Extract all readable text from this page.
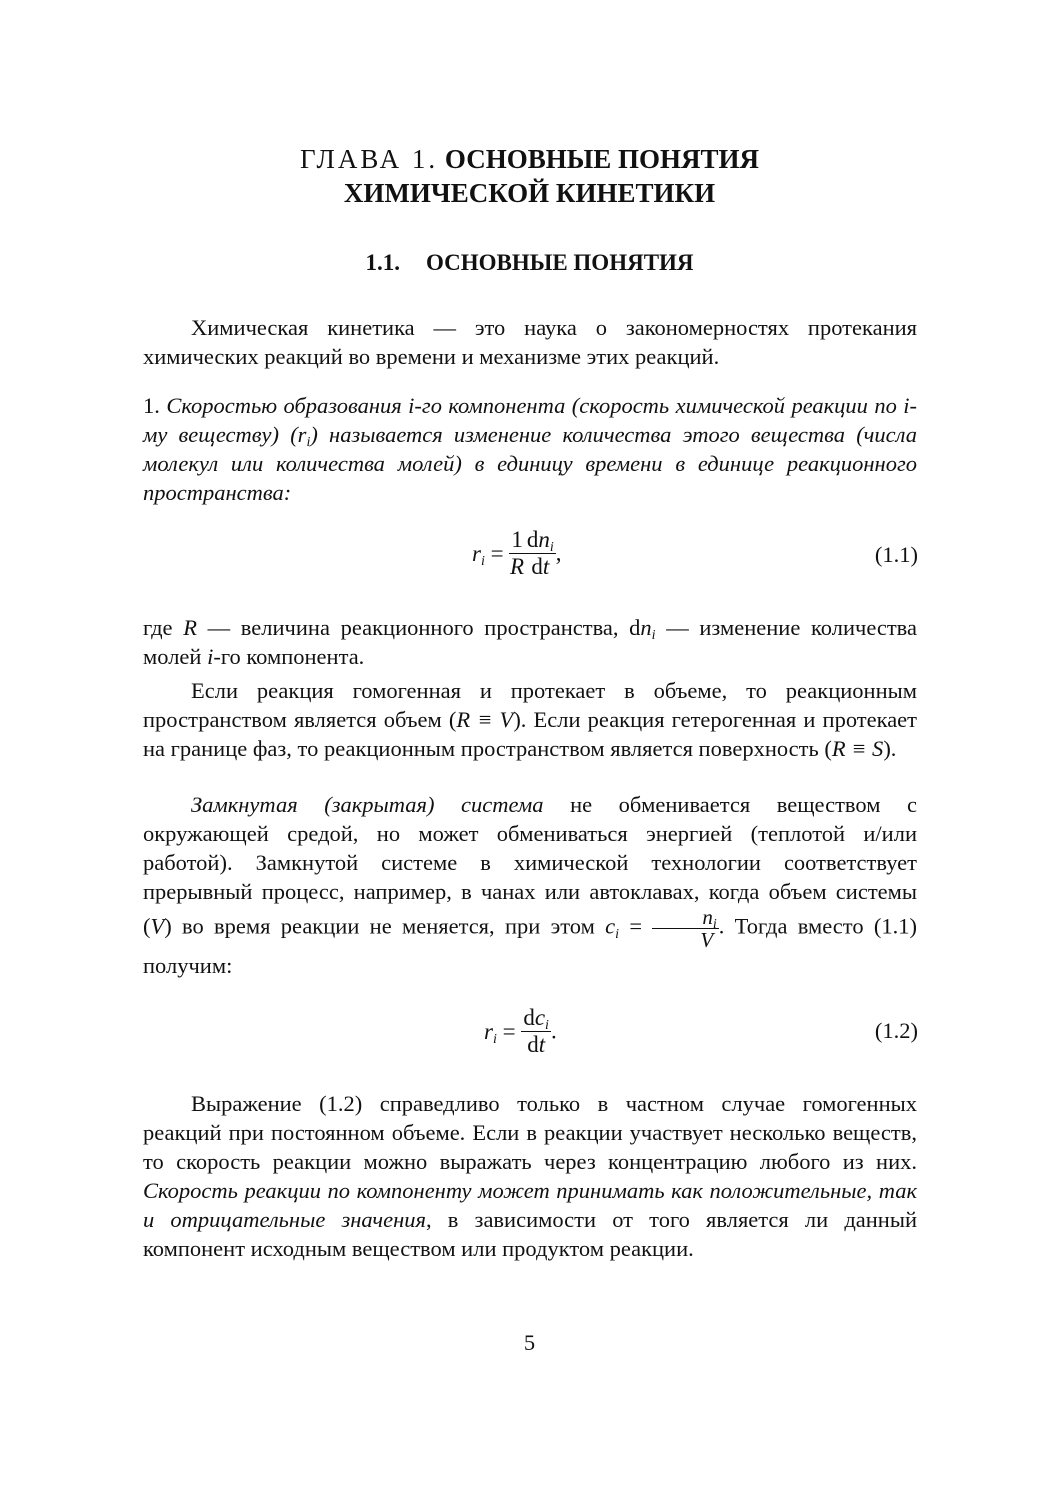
ГЛАВА 1. ОСНОВНЫЕ ПОНЯТИЯ
ХИМИЧЕСКОЙ КИНЕТИКИ
1.1. ОСНОВНЫЕ ПОНЯТИЯ
Химическая кинетика — это наука о закономерностях протекания химических реакций во времени и механизме этих реакций.
1. Скоростью образования i-го компонента (скорость химической реакции по i-му веществу) $(r_i)$ называется изменение количества этого вещества (числа молекул или количества молей) в единицу времени в единице реакционного пространства:
$r_i = \frac{1}{R} \frac{dn_i}{dt}$ ,	(1.1)
где R — величина реакционного пространства, $dn_i$ — изменение количества молей i-го компонента.
Если реакция гомогенная и протекает в объеме, то реакционным пространством является объем (R ≡ V). Если реакция гетерогенная и протекает на границе фаз, то реакционным пространством является поверхность (R ≡ S).
Замкнутая (закрытая) система не обменивается веществом с окружающей средой, но может обмениваться энергией (теплотой и/или работой). Замкнутой системе в химической технологии соответствует прерывный процесс, например, в чанах или автоклавах, когда объем системы (V) во время реакции не меняется, при этом $c_i = \frac{n_i}{V}$ . Тогда вместо (1.1) получим:
$r_i = \frac{dc_i}{dt}$ .	(1.2)
Выражение (1.2) справедливо только в частном случае гомогенных реакций при постоянном объеме. Если в реакции участвует несколько веществ, то скорость реакции можно выражать через концентрацию любого из них. Скорость реакции по компоненту может принимать как положительные, так и отрицательные значения, в зависимости от того является ли данный компонент исходным веществом или продуктом реакции.
5
